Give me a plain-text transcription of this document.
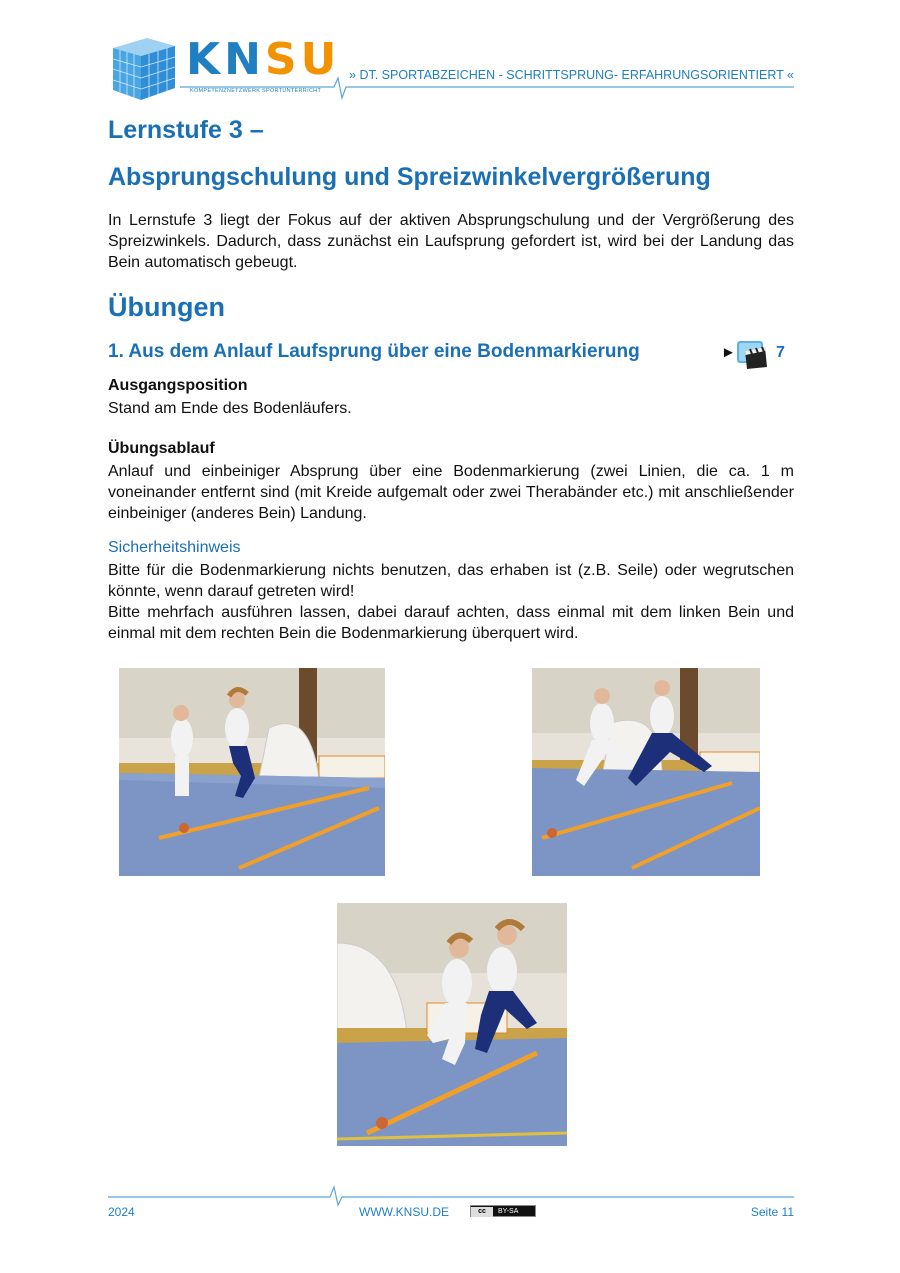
KNSU
KOMPETENZNETZWERK SPORTUNTERRICHT
» DT. SPORTABZEICHEN - SCHRITTSPRUNG- ERFAHRUNGSORIENTIERT «
Lernstufe 3 –
Absprungschulung und Spreizwinkelvergrößerung
In Lernstufe 3 liegt der Fokus auf der aktiven Absprungschulung und der Vergrößerung des Spreizwinkels. Dadurch, dass zunächst ein Laufsprung gefordert ist, wird bei der Landung das Bein automatisch gebeugt.
Übungen
1. Aus dem Anlauf Laufsprung über eine Bodenmarkierung	►	7
Ausgangsposition
Stand am Ende des Bodenläufers.
Übungsablauf
Anlauf und einbeiniger Absprung über eine Bodenmarkierung (zwei Linien, die ca. 1 m voneinander entfernt sind (mit Kreide aufgemalt oder zwei Therabänder etc.) mit anschließender einbeiniger (anderes Bein) Landung.
Sicherheitshinweis
Bitte für die Bodenmarkierung nichts benutzen, das erhaben ist (z.B. Seile) oder wegrutschen könnte, wenn darauf getreten wird!
Bitte mehrfach ausführen lassen, dabei darauf achten, dass einmal mit dem linken Bein und einmal mit dem rechten Bein die Bodenmarkierung überquert wird.
2024	WWW.KNSU.DE	cc BY-SA	Seite 11
